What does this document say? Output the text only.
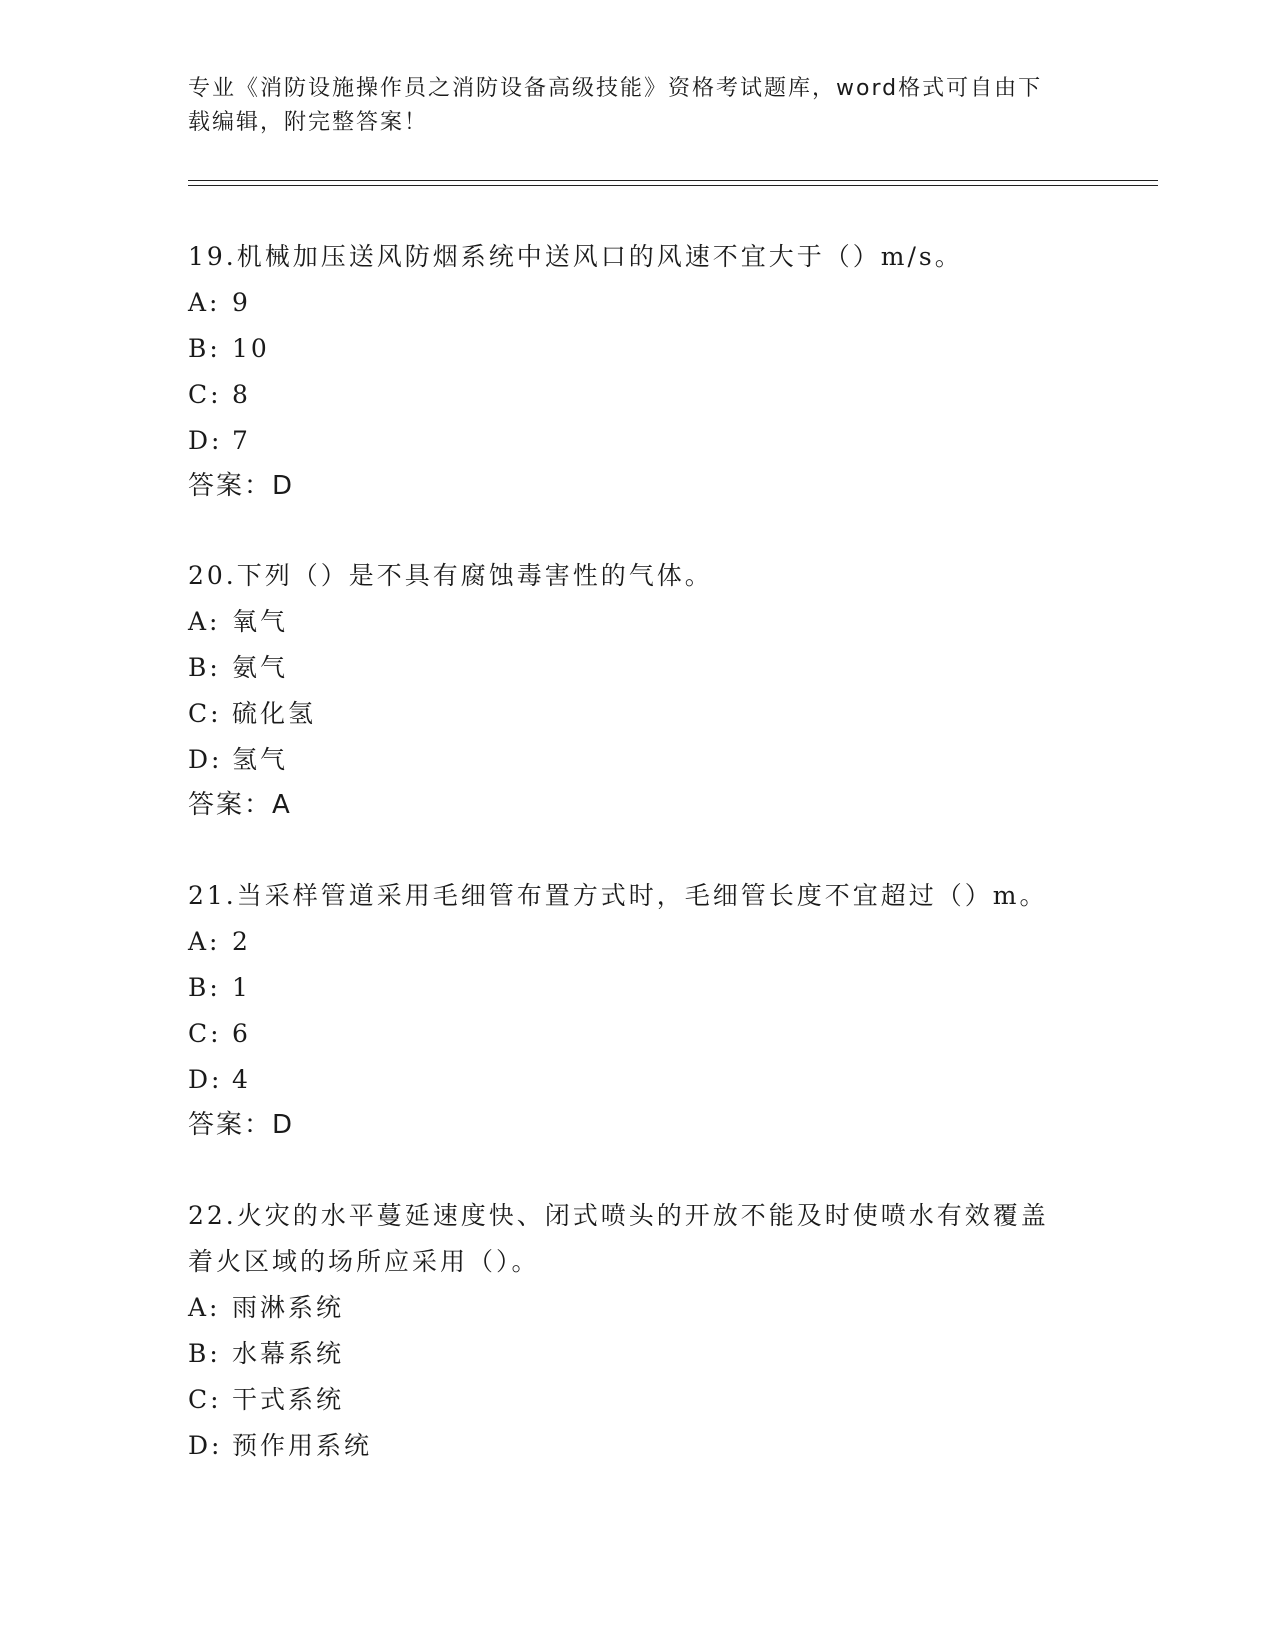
专业《消防设施操作员之消防设备高级技能》资格考试题库，word格式可自由下
载编辑，附完整答案！

19.机械加压送风防烟系统中送风口的风速不宜大于（）m/s。

A: 9

B: 10

C: 8

D: 7

答案：D

20.下列（）是不具有腐蚀毒害性的气体。

A: 氧气

B: 氨气

C: 硫化氢

D: 氢气

答案：A

21.当采样管道采用毛细管布置方式时，毛细管长度不宜超过（）m。

A: 2

B: 1

C: 6

D: 4

答案：D

22.火灾的水平蔓延速度快、闭式喷头的开放不能及时使喷水有效覆盖

着火区域的场所应采用（）。

A: 雨淋系统

B: 水幕系统

C: 干式系统

D: 预作用系统
